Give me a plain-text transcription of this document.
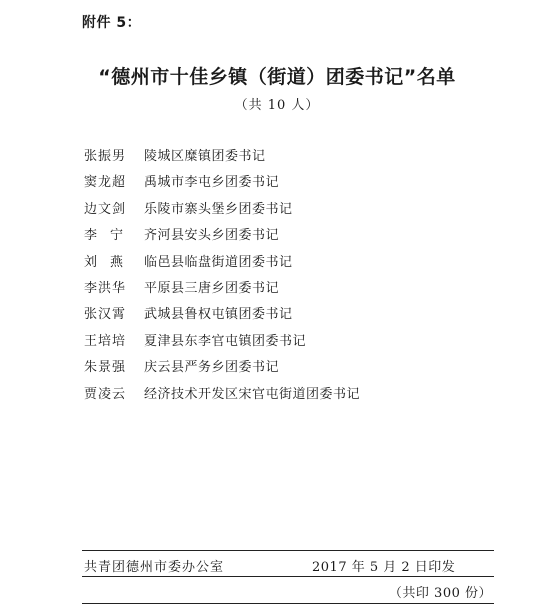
附件 5：
“德州市十佳乡镇（街道）团委书记”名单
（共 10 人）
张振男 陵城区糜镇团委书记
窦龙超 禹城市李屯乡团委书记
边文剑 乐陵市寨头堡乡团委书记
李　宁 齐河县安头乡团委书记
刘　燕 临邑县临盘街道团委书记
李洪华 平原县三唐乡团委书记
张汉霄 武城县鲁权屯镇团委书记
王培培 夏津县东李官屯镇团委书记
朱景强 庆云县严务乡团委书记
贾凌云 经济技术开发区宋官屯街道团委书记
共青团德州市委办公室	2017 年 5 月 2 日印发
（共印 300 份）
